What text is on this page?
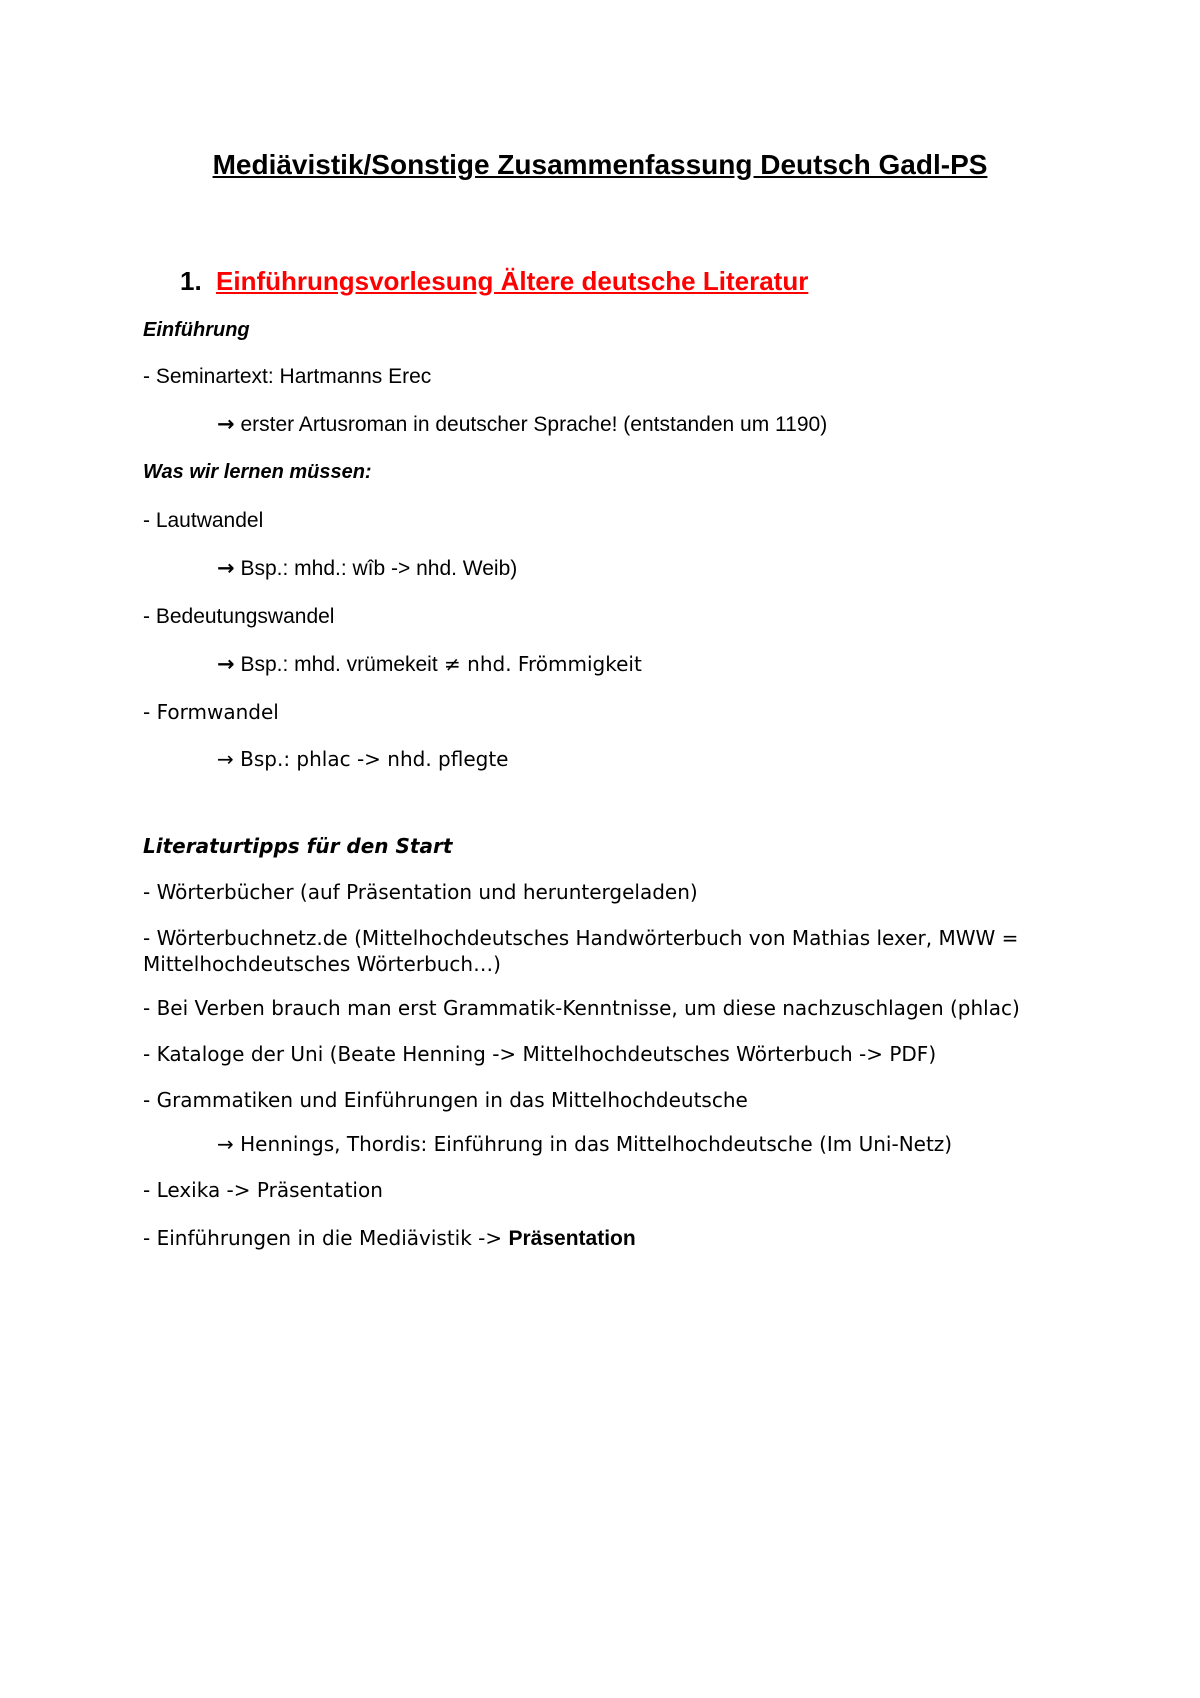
Mediävistik/Sonstige Zusammenfassung Deutsch Gadl-PS
1. Einführungsvorlesung Ältere deutsche Literatur
Einführung
- Seminartext: Hartmanns Erec
→ erster Artusroman in deutscher Sprache! (entstanden um 1190)
Was wir lernen müssen:
- Lautwandel
→ Bsp.: mhd.: wîb -> nhd. Weib)
- Bedeutungswandel
→ Bsp.: mhd. vrümekeit ≠ nhd. Frömmigkeit
- Formwandel
→ Bsp.: phlac -> nhd. pflegte
Literaturtipps für den Start
- Wörterbücher (auf Präsentation und heruntergeladen)
- Wörterbuchnetz.de (Mittelhochdeutsches Handwörterbuch von Mathias lexer, MWW = Mittelhochdeutsches Wörterbuch…)
- Bei Verben brauch man erst Grammatik-Kenntnisse, um diese nachzuschlagen (phlac)
- Kataloge der Uni (Beate Henning -> Mittelhochdeutsches Wörterbuch -> PDF)
- Grammatiken und Einführungen in das Mittelhochdeutsche
→ Hennings, Thordis: Einführung in das Mittelhochdeutsche (Im Uni-Netz)
- Lexika -> Präsentation
- Einführungen in die Mediävistik -> Präsentation
